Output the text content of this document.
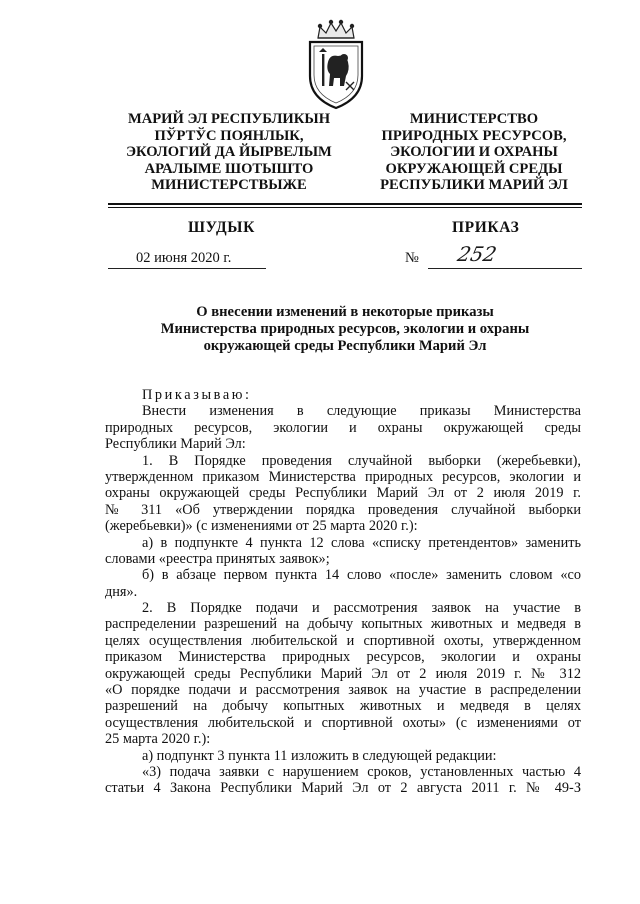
МАРИЙ ЭЛ РЕСПУБЛИКЫН
ПЎРТЎС ПОЯНЛЫК,
ЭКОЛОГИЙ ДА ЙЫРВЕЛЫМ
АРАЛЫМЕ ШОТЫШТО
МИНИСТЕРСТВЫЖЕ
МИНИСТЕРСТВО
ПРИРОДНЫХ РЕСУРСОВ,
ЭКОЛОГИИ И ОХРАНЫ
ОКРУЖАЮЩЕЙ СРЕДЫ
РЕСПУБЛИКИ МАРИЙ ЭЛ
ШУДЫК	ПРИКАЗ
02 июня 2020 г.	№ 252
О внесении изменений в некоторые приказы
Министерства природных ресурсов, экологии и охраны
окружающей среды Республики Марий Эл
Приказываю:
Внести изменения в следующие приказы Министерства
природных ресурсов, экологии и охраны окружающей среды
Республики Марий Эл:
1. В Порядке проведения случайной выборки (жеребьевки),
утвержденном приказом Министерства природных ресурсов, экологии и
охраны окружающей среды Республики Марий Эл от 2 июля 2019 г.
№ 311 «Об утверждении порядка проведения случайной выборки
(жеребьевки)» (с изменениями от 25 марта 2020 г.):
а) в подпункте 4 пункта 12 слова «списку претендентов» заменить
словами «реестра принятых заявок»;
б) в абзаце первом пункта 14 слово «после» заменить словом «со
дня».
2. В Порядке подачи и рассмотрения заявок на участие в
распределении разрешений на добычу копытных животных и медведя в
целях осуществления любительской и спортивной охоты, утвержденном
приказом Министерства природных ресурсов, экологии и охраны
окружающей среды Республики Марий Эл от 2 июля 2019 г. № 312
«О порядке подачи и рассмотрения заявок на участие в распределении
разрешений на добычу копытных животных и медведя в целях
осуществления любительской и спортивной охоты» (с изменениями от
25 марта 2020 г.):
а) подпункт 3 пункта 11 изложить в следующей редакции:
«3) подача заявки с нарушением сроков, установленных частью 4
статьи 4 Закона Республики Марий Эл от 2 августа 2011 г. № 49-З
